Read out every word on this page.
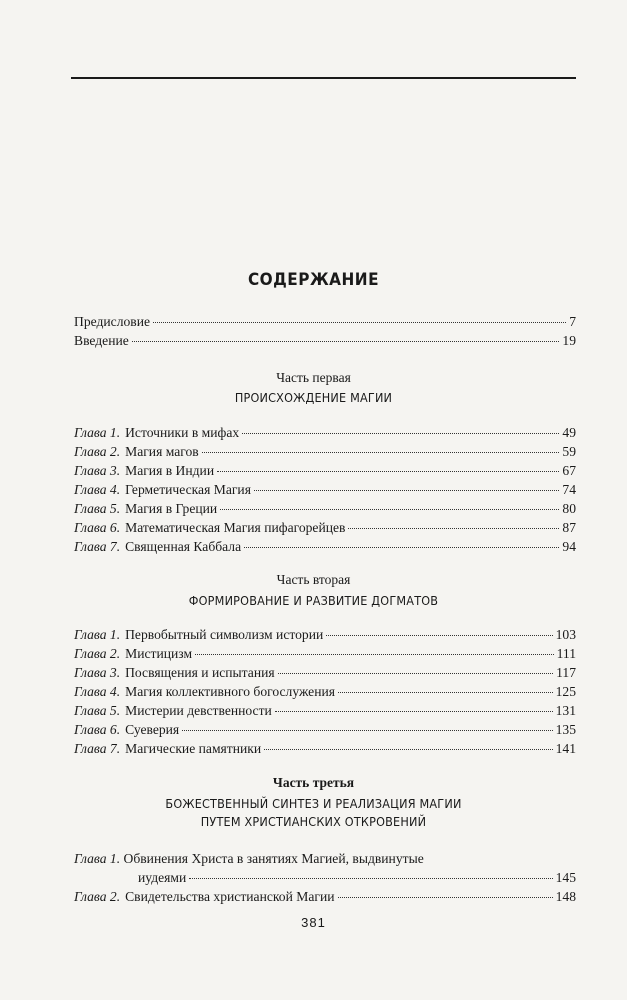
СОДЕРЖАНИЕ
Предисловие	7
Введение	19
Часть первая
ПРОИСХОЖДЕНИЕ МАГИИ
Глава 1. Источники в мифах	49
Глава 2. Магия магов	59
Глава 3. Магия в Индии	67
Глава 4. Герметическая Магия	74
Глава 5. Магия в Греции	80
Глава 6. Математическая Магия пифагорейцев	87
Глава 7. Священная Каббала	94
Часть вторая
ФОРМИРОВАНИЕ И РАЗВИТИЕ ДОГМАТОВ
Глава 1. Первобытный символизм истории	103
Глава 2. Мистицизм	111
Глава 3. Посвящения и испытания	117
Глава 4. Магия коллективного богослужения	125
Глава 5. Мистерии девственности	131
Глава 6. Суеверия	135
Глава 7. Магические памятники	141
Часть третья
БОЖЕСТВЕННЫЙ СИНТЕЗ И РЕАЛИЗАЦИЯ МАГИИ
ПУТЕМ ХРИСТИАНСКИХ ОТКРОВЕНИЙ
Глава 1. Обвинения Христа в занятиях Магией, выдвинутые
иудеями	145
Глава 2. Свидетельства христианской Магии	148
381
